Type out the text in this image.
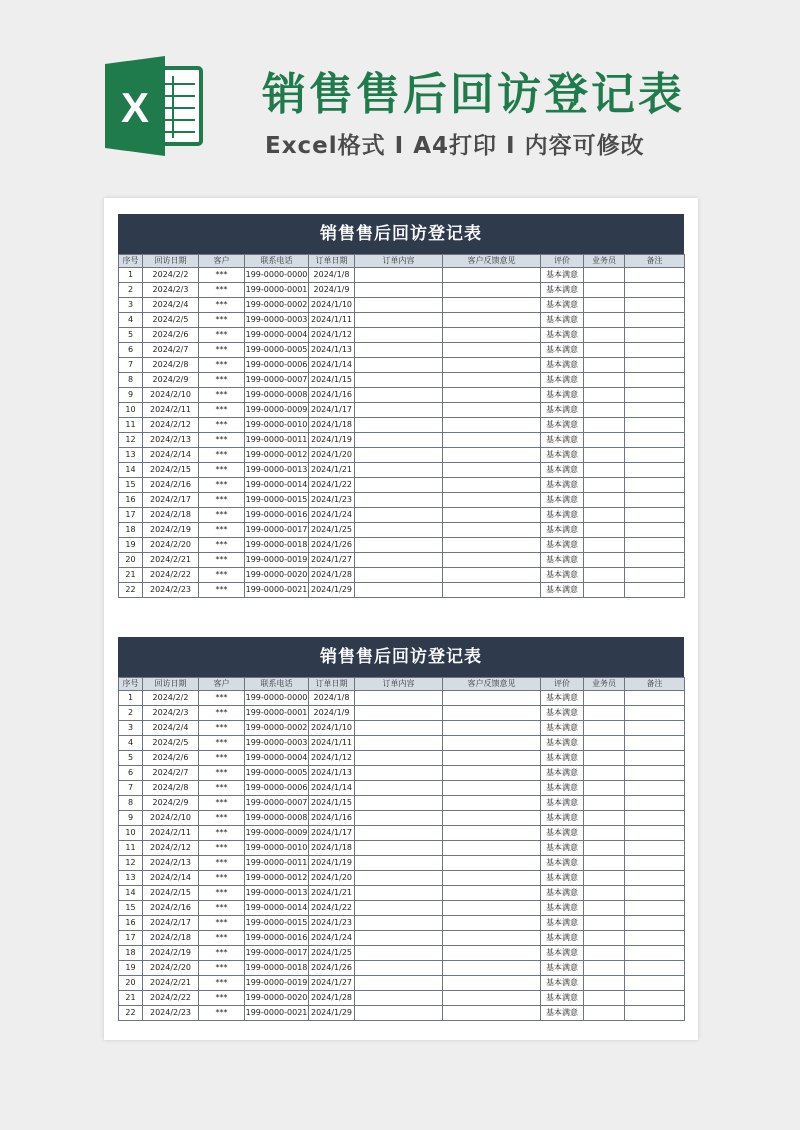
X	销售售后回访登记表
Excel格式 I A4打印 I 内容可修改
销售售后回访登记表
序号	回访日期	客户	联系电话	订单日期	订单内容	客户反馈意见	评价	业务员	备注
1	2024/2/2	***	199-0000-0000	2024/1/8			基本满意		
2	2024/2/3	***	199-0000-0001	2024/1/9			基本满意		
3	2024/2/4	***	199-0000-0002	2024/1/10			基本满意		
4	2024/2/5	***	199-0000-0003	2024/1/11			基本满意		
5	2024/2/6	***	199-0000-0004	2024/1/12			基本满意		
6	2024/2/7	***	199-0000-0005	2024/1/13			基本满意		
7	2024/2/8	***	199-0000-0006	2024/1/14			基本满意		
8	2024/2/9	***	199-0000-0007	2024/1/15			基本满意		
9	2024/2/10	***	199-0000-0008	2024/1/16			基本满意		
10	2024/2/11	***	199-0000-0009	2024/1/17			基本满意		
11	2024/2/12	***	199-0000-0010	2024/1/18			基本满意		
12	2024/2/13	***	199-0000-0011	2024/1/19			基本满意		
13	2024/2/14	***	199-0000-0012	2024/1/20			基本满意		
14	2024/2/15	***	199-0000-0013	2024/1/21			基本满意		
15	2024/2/16	***	199-0000-0014	2024/1/22			基本满意		
16	2024/2/17	***	199-0000-0015	2024/1/23			基本满意		
17	2024/2/18	***	199-0000-0016	2024/1/24			基本满意		
18	2024/2/19	***	199-0000-0017	2024/1/25			基本满意		
19	2024/2/20	***	199-0000-0018	2024/1/26			基本满意		
20	2024/2/21	***	199-0000-0019	2024/1/27			基本满意		
21	2024/2/22	***	199-0000-0020	2024/1/28			基本满意		
22	2024/2/23	***	199-0000-0021	2024/1/29			基本满意		
销售售后回访登记表
序号	回访日期	客户	联系电话	订单日期	订单内容	客户反馈意见	评价	业务员	备注
1	2024/2/2	***	199-0000-0000	2024/1/8			基本满意		
2	2024/2/3	***	199-0000-0001	2024/1/9			基本满意		
3	2024/2/4	***	199-0000-0002	2024/1/10			基本满意		
4	2024/2/5	***	199-0000-0003	2024/1/11			基本满意		
5	2024/2/6	***	199-0000-0004	2024/1/12			基本满意		
6	2024/2/7	***	199-0000-0005	2024/1/13			基本满意		
7	2024/2/8	***	199-0000-0006	2024/1/14			基本满意		
8	2024/2/9	***	199-0000-0007	2024/1/15			基本满意		
9	2024/2/10	***	199-0000-0008	2024/1/16			基本满意		
10	2024/2/11	***	199-0000-0009	2024/1/17			基本满意		
11	2024/2/12	***	199-0000-0010	2024/1/18			基本满意		
12	2024/2/13	***	199-0000-0011	2024/1/19			基本满意		
13	2024/2/14	***	199-0000-0012	2024/1/20			基本满意		
14	2024/2/15	***	199-0000-0013	2024/1/21			基本满意		
15	2024/2/16	***	199-0000-0014	2024/1/22			基本满意		
16	2024/2/17	***	199-0000-0015	2024/1/23			基本满意		
17	2024/2/18	***	199-0000-0016	2024/1/24			基本满意		
18	2024/2/19	***	199-0000-0017	2024/1/25			基本满意		
19	2024/2/20	***	199-0000-0018	2024/1/26			基本满意		
20	2024/2/21	***	199-0000-0019	2024/1/27			基本满意		
21	2024/2/22	***	199-0000-0020	2024/1/28			基本满意		
22	2024/2/23	***	199-0000-0021	2024/1/29			基本满意		
